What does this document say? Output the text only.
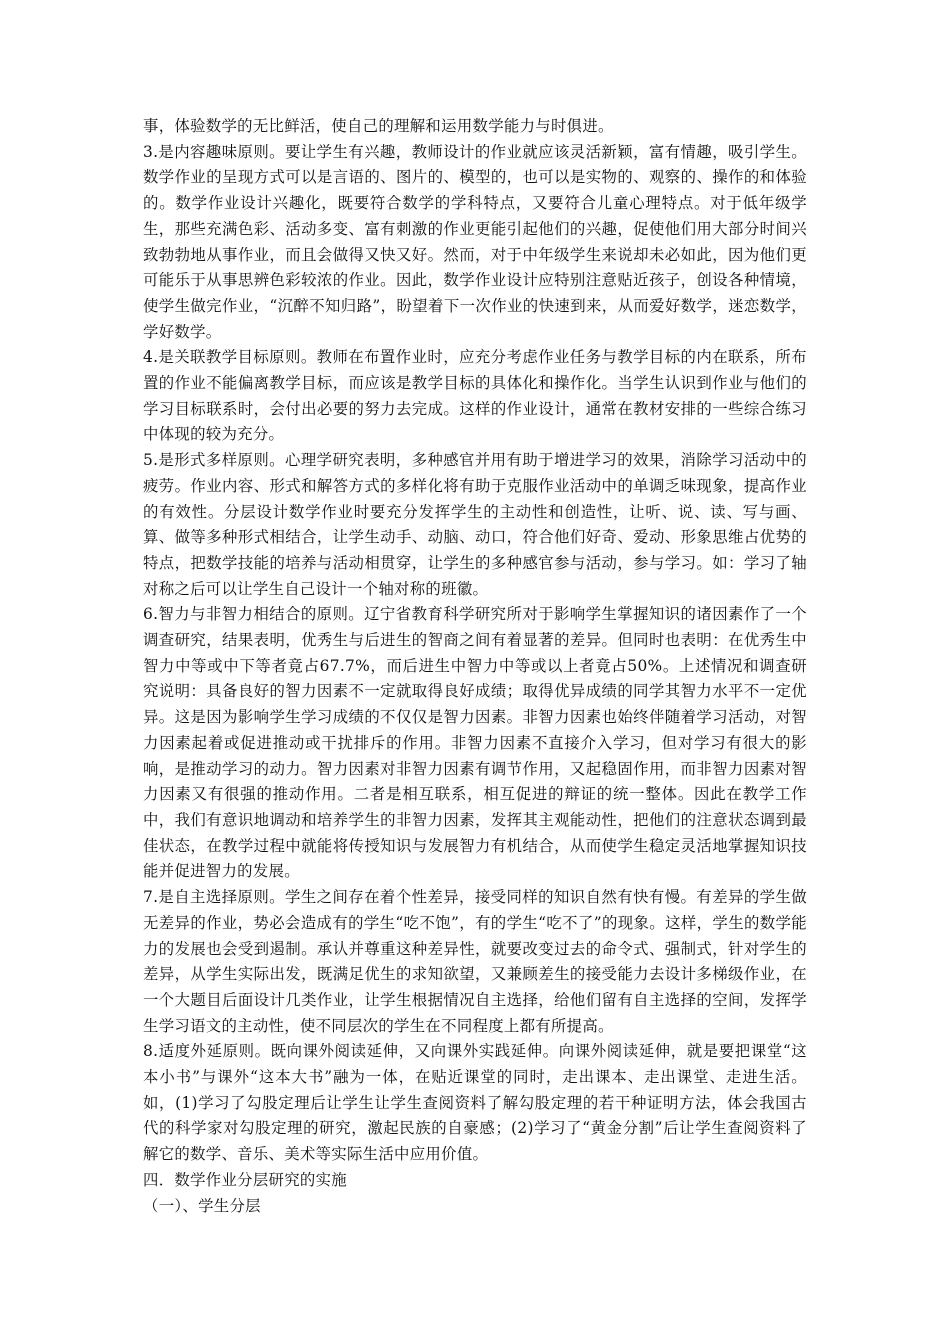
事，体验数学的无比鲜活，使自己的理解和运用数学能力与时俱进。

3.是内容趣味原则。要让学生有兴趣，教师设计的作业就应该灵活新颖，富有情趣，吸引学生。数学作业的呈现方式可以是言语的、图片的、模型的，也可以是实物的、观察的、操作的和体验的。数学作业设计兴趣化，既要符合数学的学科特点，又要符合儿童心理特点。对于低年级学生，那些充满色彩、活动多变、富有刺激的作业更能引起他们的兴趣，促使他们用大部分时间兴致勃勃地从事作业，而且会做得又快又好。然而，对于中年级学生来说却未必如此，因为他们更可能乐于从事思辨色彩较浓的作业。因此，数学作业设计应特别注意贴近孩子，创设各种情境，使学生做完作业，“沉醉不知归路”，盼望着下一次作业的快速到来，从而爱好数学，迷恋数学，学好数学。

4.是关联教学目标原则。教师在布置作业时，应充分考虑作业任务与教学目标的内在联系，所布置的作业不能偏离教学目标，而应该是教学目标的具体化和操作化。当学生认识到作业与他们的学习目标联系时，会付出必要的努力去完成。这样的作业设计，通常在教材安排的一些综合练习中体现的较为充分。

5.是形式多样原则。心理学研究表明，多种感官并用有助于增进学习的效果，消除学习活动中的疲劳。作业内容、形式和解答方式的多样化将有助于克服作业活动中的单调乏味现象，提高作业的有效性。分层设计数学作业时要充分发挥学生的主动性和创造性，让听、说、读、写与画、算、做等多种形式相结合，让学生动手、动脑、动口，符合他们好奇、爱动、形象思维占优势的特点，把数学技能的培养与活动相贯穿，让学生的多种感官参与活动，参与学习。如：学习了轴对称之后可以让学生自己设计一个轴对称的班徽。

6.智力与非智力相结合的原则。辽宁省教育科学研究所对于影响学生掌握知识的诸因素作了一个调查研究，结果表明，优秀生与后进生的智商之间有着显著的差异。但同时也表明：在优秀生中智力中等或中下等者竟占67.7%，而后进生中智力中等或以上者竟占50%。上述情况和调查研究说明：具备良好的智力因素不一定就取得良好成绩；取得优异成绩的同学其智力水平不一定优异。这是因为影响学生学习成绩的不仅仅是智力因素。非智力因素也始终伴随着学习活动，对智力因素起着或促进推动或干扰排斥的作用。非智力因素不直接介入学习，但对学习有很大的影响，是推动学习的动力。智力因素对非智力因素有调节作用，又起稳固作用，而非智力因素对智力因素又有很强的推动作用。二者是相互联系，相互促进的辩证的统一整体。因此在教学工作中，我们有意识地调动和培养学生的非智力因素，发挥其主观能动性，把他们的注意状态调到最佳状态，在教学过程中就能将传授知识与发展智力有机结合，从而使学生稳定灵活地掌握知识技能并促进智力的发展。

7.是自主选择原则。学生之间存在着个性差异，接受同样的知识自然有快有慢。有差异的学生做无差异的作业，势必会造成有的学生“吃不饱”，有的学生“吃不了”的现象。这样，学生的数学能力的发展也会受到遏制。承认并尊重这种差异性，就要改变过去的命令式、强制式，针对学生的差异，从学生实际出发，既满足优生的求知欲望，又兼顾差生的接受能力去设计多梯级作业，在一个大题目后面设计几类作业，让学生根据情况自主选择，给他们留有自主选择的空间，发挥学生学习语文的主动性，使不同层次的学生在不同程度上都有所提高。

8.适度外延原则。既向课外阅读延伸，又向课外实践延伸。向课外阅读延伸，就是要把课堂“这本小书”与课外“这本大书”融为一体，在贴近课堂的同时，走出课本、走出课堂、走进生活。如，(1)学习了勾股定理后让学生让学生查阅资料了解勾股定理的若干种证明方法，体会我国古代的科学家对勾股定理的研究，激起民族的自豪感；(2)学习了“黄金分割”后让学生查阅资料了解它的数学、音乐、美术等实际生活中应用价值。

四．数学作业分层研究的实施

（一）、学生分层
